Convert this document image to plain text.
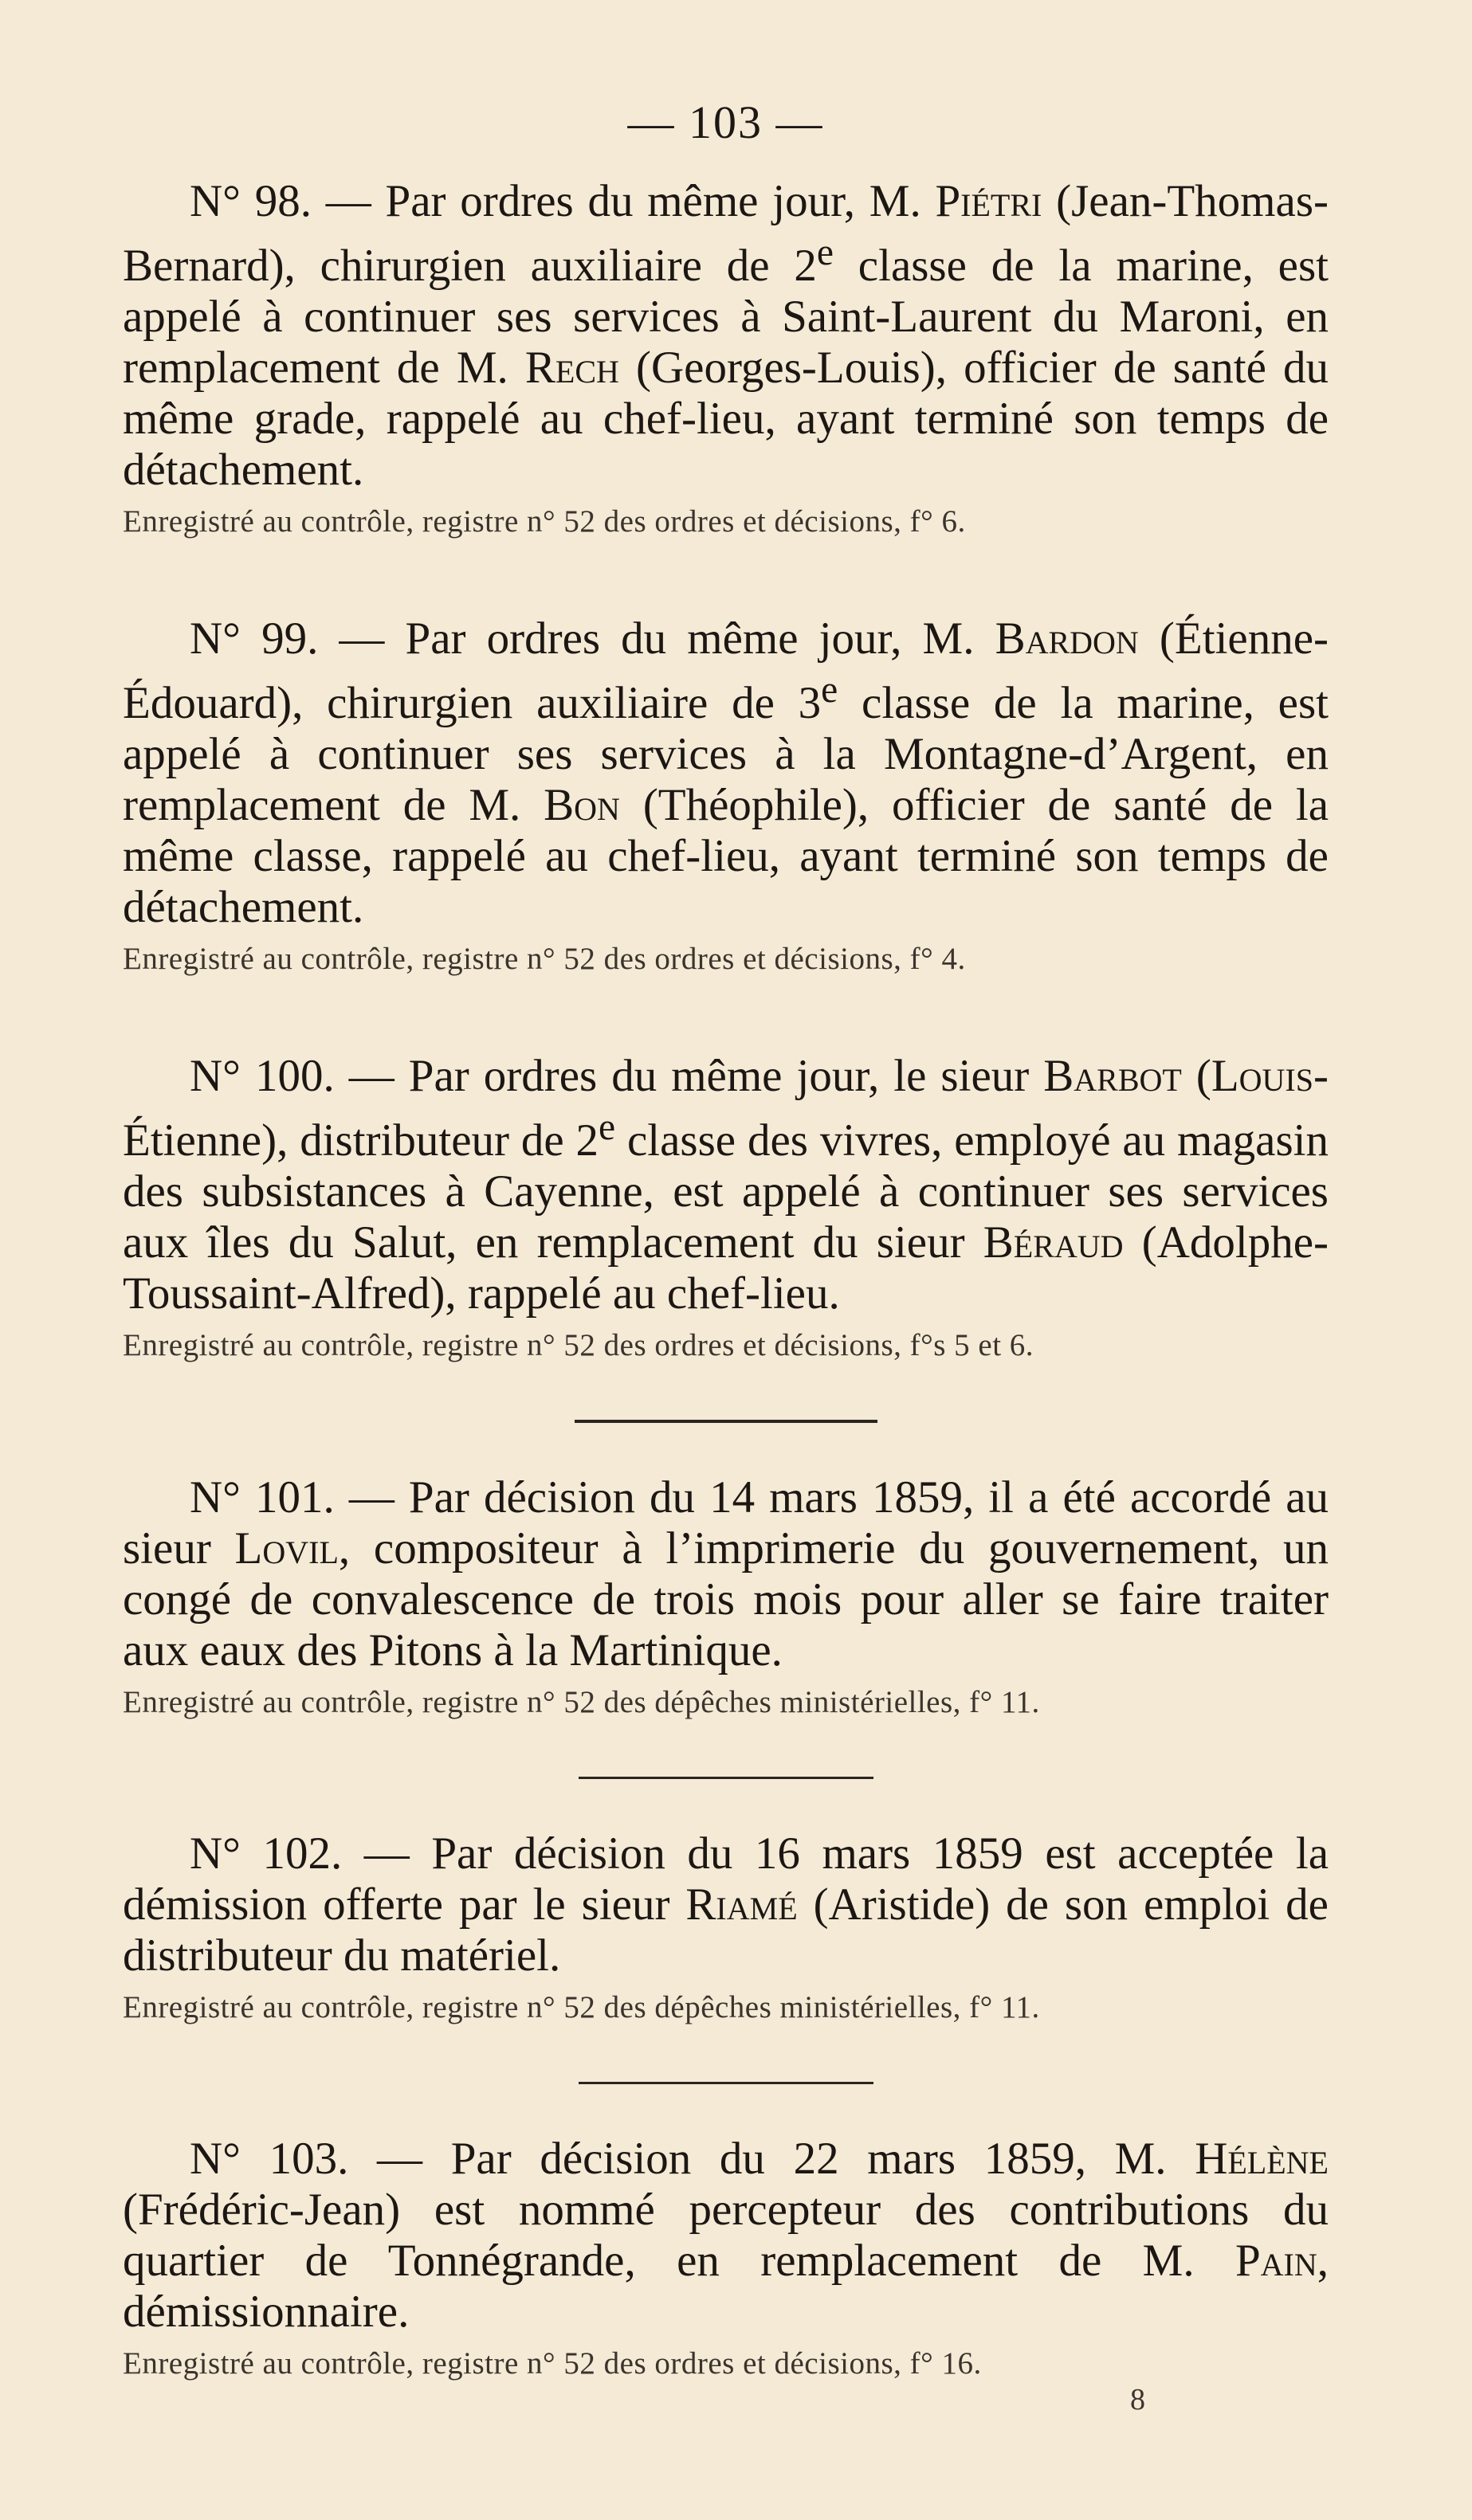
— 103 —

N° 98. — Par ordres du même jour, M. Piétri (Jean-Thomas-Bernard), chirurgien auxiliaire de 2e classe de la marine, est appelé à continuer ses services à Saint-Laurent du Maroni, en remplacement de M. Rech (Georges-Louis), officier de santé du même grade, rappelé au chef-lieu, ayant terminé son temps de détachement.

Enregistré au contrôle, registre n° 52 des ordres et décisions, f° 6.

N° 99. — Par ordres du même jour, M. Bardon (Étienne-Édouard), chirurgien auxiliaire de 3e classe de la marine, est appelé à continuer ses services à la Montagne-d’Argent, en remplacement de M. Bon (Théophile), officier de santé de la même classe, rappelé au chef-lieu, ayant terminé son temps de détachement.

Enregistré au contrôle, registre n° 52 des ordres et décisions, f° 4.

N° 100. — Par ordres du même jour, le sieur Barbot (Louis-Étienne), distributeur de 2e classe des vivres, employé au magasin des subsistances à Cayenne, est appelé à continuer ses services aux îles du Salut, en remplacement du sieur Béraud (Adolphe-Toussaint-Alfred), rappelé au chef-lieu.

Enregistré au contrôle, registre n° 52 des ordres et décisions, f°s 5 et 6.

N° 101. — Par décision du 14 mars 1859, il a été accordé au sieur Lovil, compositeur à l’imprimerie du gouvernement, un congé de convalescence de trois mois pour aller se faire traiter aux eaux des Pitons à la Martinique.

Enregistré au contrôle, registre n° 52 des dépêches ministérielles, f° 11.

N° 102. — Par décision du 16 mars 1859 est acceptée la démission offerte par le sieur Riamé (Aristide) de son emploi de distributeur du matériel.

Enregistré au contrôle, registre n° 52 des dépêches ministérielles, f° 11.

N° 103. — Par décision du 22 mars 1859, M. Hélène (Frédéric-Jean) est nommé percepteur des contributions du quartier de Tonnégrande, en remplacement de M. Pain, démissionnaire.

Enregistré au contrôle, registre n° 52 des ordres et décisions, f° 16.

8
